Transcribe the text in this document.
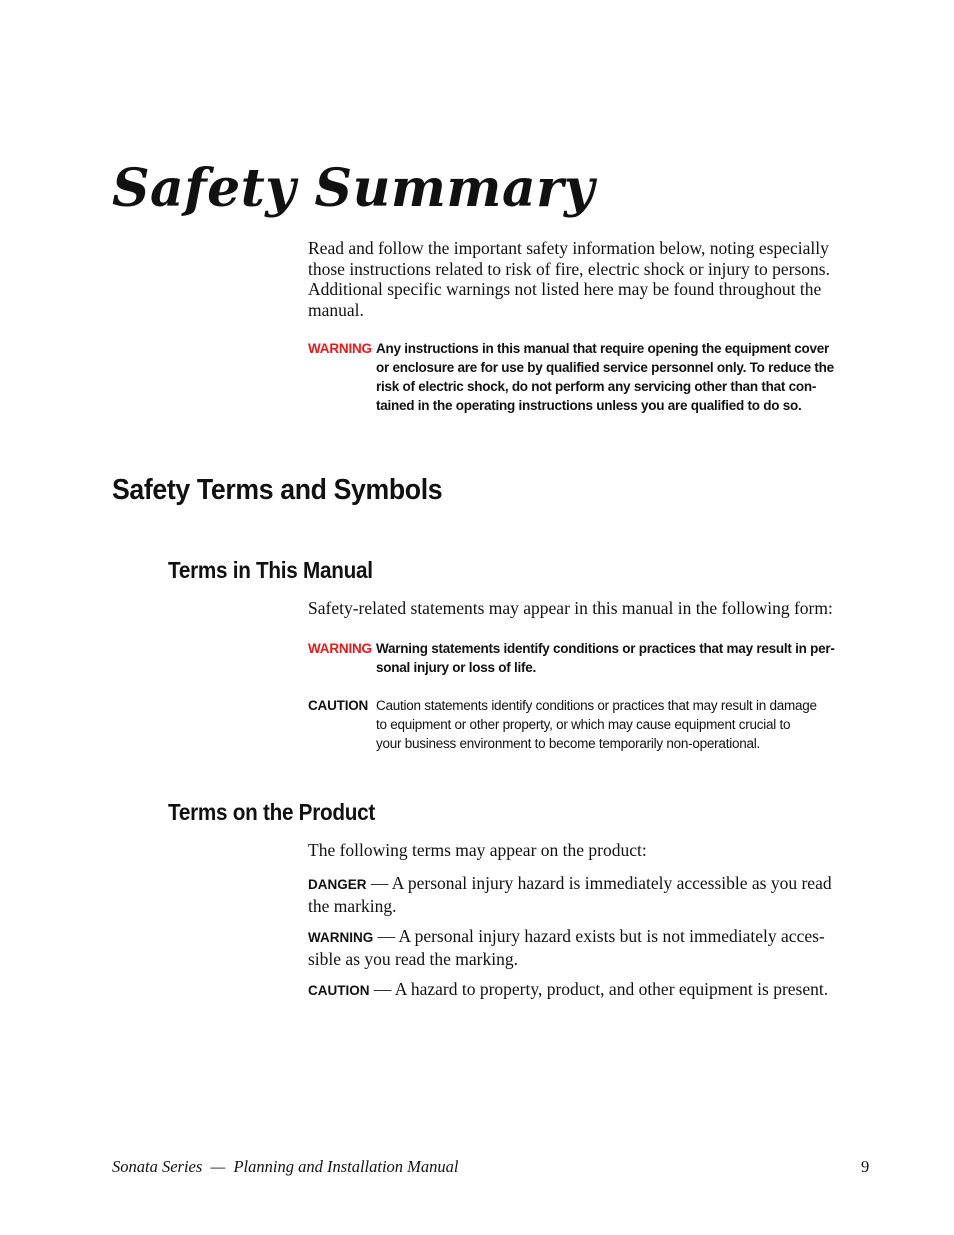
Safety Summary
Read and follow the important safety information below, noting especially
those instructions related to risk of fire, electric shock or injury to persons.
Additional specific warnings not listed here may be found throughout the
manual.
WARNING Any instructions in this manual that require opening the equipment cover
or enclosure are for use by qualified service personnel only. To reduce the
risk of electric shock, do not perform any servicing other than that con-
tained in the operating instructions unless you are qualified to do so.
Safety Terms and Symbols
Terms in This Manual
Safety-related statements may appear in this manual in the following form:
WARNING Warning statements identify conditions or practices that may result in per-
sonal injury or loss of life.
CAUTION Caution statements identify conditions or practices that may result in damage
to equipment or other property, or which may cause equipment crucial to
your business environment to become temporarily non-operational.
Terms on the Product
The following terms may appear on the product:
DANGER — A personal injury hazard is immediately accessible as you read
the marking.
WARNING — A personal injury hazard exists but is not immediately acces-
sible as you read the marking.
CAUTION — A hazard to property, product, and other equipment is present.
Sonata Series  —  Planning and Installation Manual	9
